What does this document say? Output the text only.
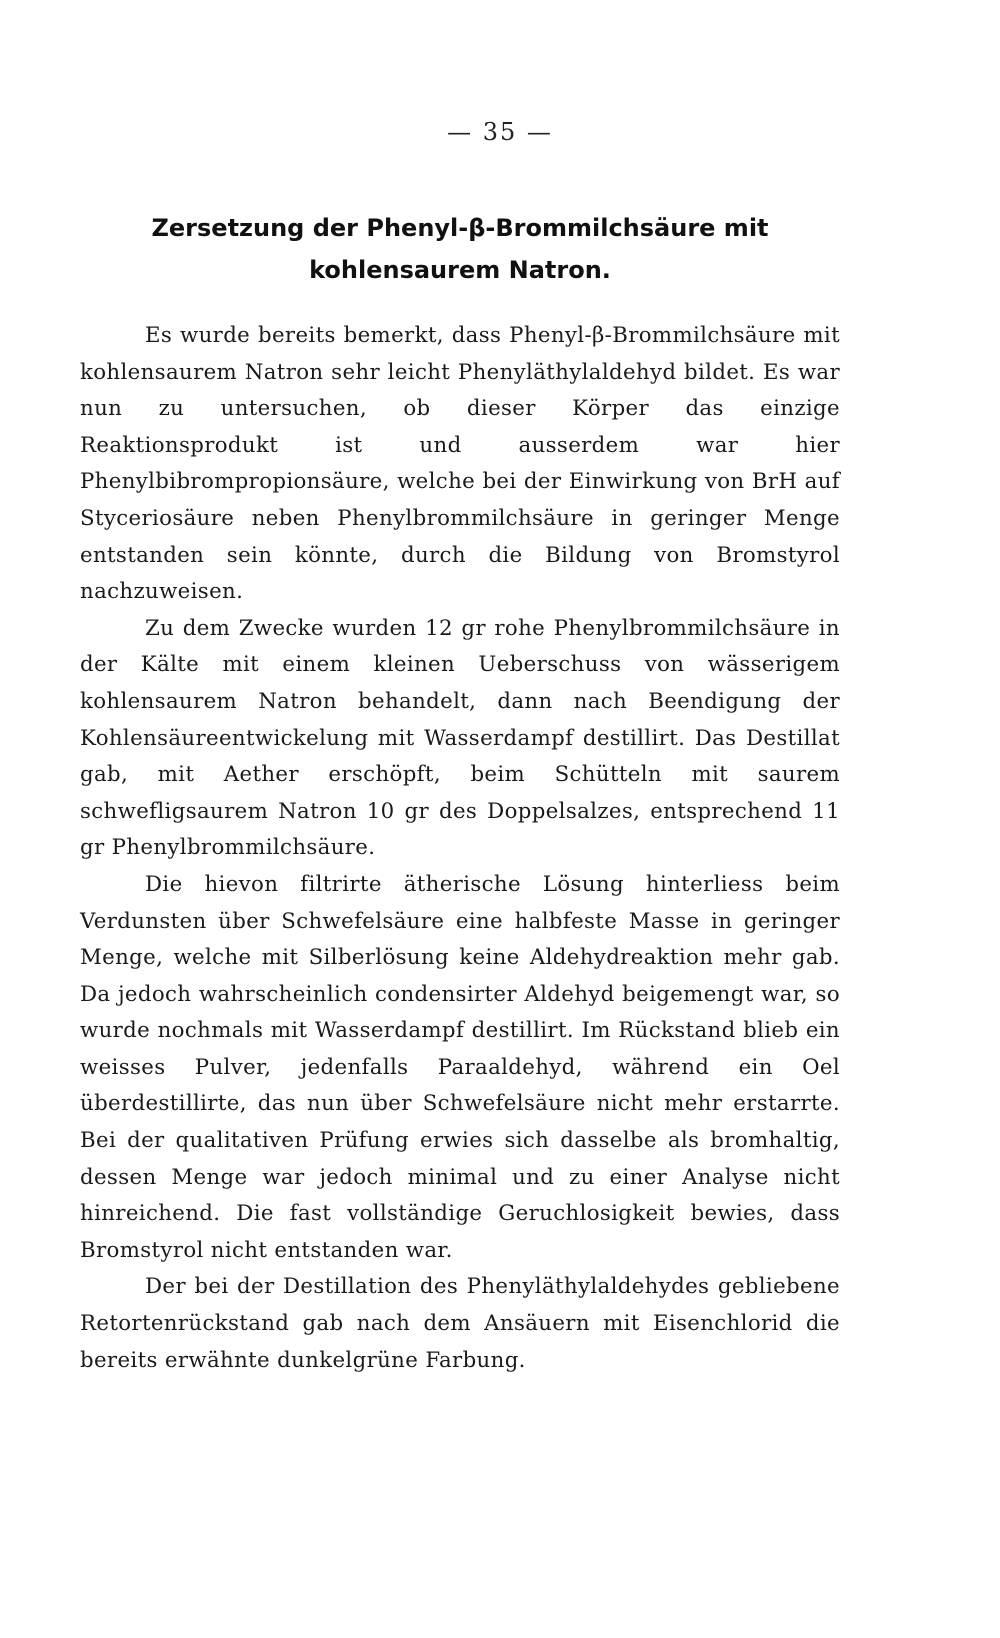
— 35 —
Zersetzung der Phenyl-β-Brommilchsäure mit kohlensaurem Natron.

Es wurde bereits bemerkt, dass Phenyl-β-Brommilchsäure mit kohlensaurem Natron sehr leicht Phenyläthylaldehyd bildet. Es war nun zu untersuchen, ob dieser Körper das einzige Reaktionsprodukt ist und ausserdem war hier Phenylbibrompropionsäure, welche bei der Einwirkung von BrH auf Styceriosäure neben Phenylbrommilchsäure in geringer Menge entstanden sein könnte, durch die Bildung von Bromstyrol nachzuweisen.

Zu dem Zwecke wurden 12 gr rohe Phenylbrommilchsäure in der Kälte mit einem kleinen Ueberschuss von wässerigem kohlensaurem Natron behandelt, dann nach Beendigung der Kohlensäureentwickelung mit Wasserdampf destillirt. Das Destillat gab, mit Aether erschöpft, beim Schütteln mit saurem schwefligsaurem Natron 10 gr des Doppelsalzes, entsprechend 11 gr Phenylbrommilchsäure.

Die hievon filtrirte ätherische Lösung hinterliess beim Verdunsten über Schwefelsäure eine halbfeste Masse in geringer Menge, welche mit Silberlösung keine Aldehydreaktion mehr gab. Da jedoch wahrscheinlich condensirter Aldehyd beigemengt war, so wurde nochmals mit Wasserdampf destillirt. Im Rückstand blieb ein weisses Pulver, jedenfalls Paraaldehyd, während ein Oel überdestillirte, das nun über Schwefelsäure nicht mehr erstarrte. Bei der qualitativen Prüfung erwies sich dasselbe als bromhaltig, dessen Menge war jedoch minimal und zu einer Analyse nicht hinreichend. Die fast vollständige Geruchlosigkeit bewies, dass Bromstyrol nicht entstanden war.

Der bei der Destillation des Phenyläthylaldehydes gebliebene Retortenrückstand gab nach dem Ansäuern mit Eisenchlorid die bereits erwähnte dunkelgrüne Farbung.
